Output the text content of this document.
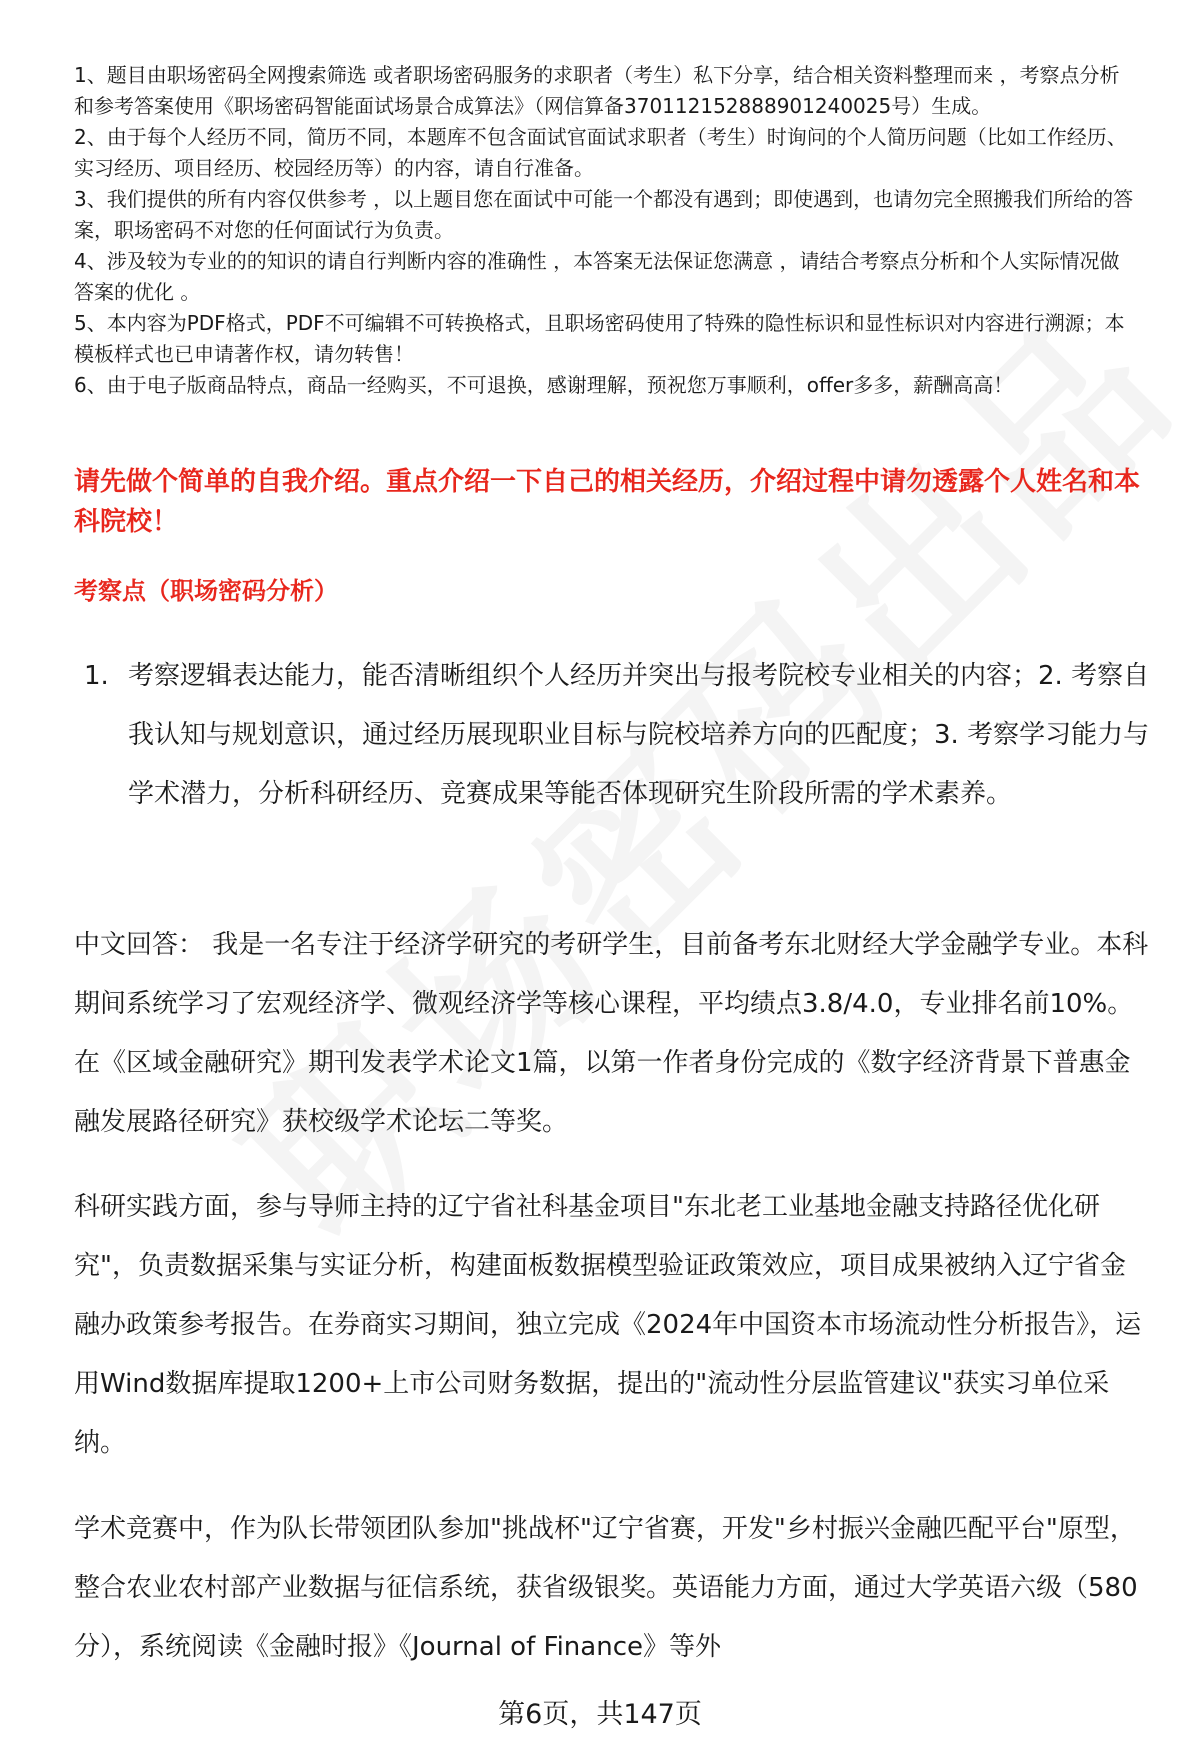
1、题目由职场密码全网搜索筛选 或者职场密码服务的求职者（考生）私下分享，结合相关资料整理而来 ，考察点分析和参考答案使用《职场密码智能面试场景合成算法》（网信算备370112152888901240025号）生成。

2、由于每个人经历不同，简历不同，本题库不包含面试官面试求职者（考生）时询问的个人简历问题（比如工作经历、实习经历、项目经历、校园经历等）的内容，请自行准备。

3、我们提供的所有内容仅供参考 ，以上题目您在面试中可能一个都没有遇到；即使遇到，也请勿完全照搬我们所给的答案，职场密码不对您的任何面试行为负责。

4、涉及较为专业的的知识的请自行判断内容的准确性 ，本答案无法保证您满意 ，请结合考察点分析和个人实际情况做答案的优化 。

5、本内容为PDF格式，PDF不可编辑不可转换格式，且职场密码使用了特殊的隐性标识和显性标识对内容进行溯源；本模板样式也已申请著作权，请勿转售！

6、由于电子版商品特点，商品一经购买，不可退换，感谢理解，预祝您万事顺利，offer多多，薪酬高高！

请先做个简单的自我介绍。重点介绍一下自己的相关经历，介绍过程中请勿透露个人姓名和本科院校！
考察点（职场密码分析）
1. 考察逻辑表达能力，能否清晰组织个人经历并突出与报考院校专业相关的内容；2. 考察自我认知与规划意识，通过经历展现职业目标与院校培养方向的匹配度；3. 考察学习能力与学术潜力，分析科研经历、竞赛成果等能否体现研究生阶段所需的学术素养。

中文回答： 我是一名专注于经济学研究的考研学生，目前备考东北财经大学金融学专业。本科期间系统学习了宏观经济学、微观经济学等核心课程，平均绩点3.8/4.0，专业排名前10%。在《区域金融研究》期刊发表学术论文1篇，以第一作者身份完成的《数字经济背景下普惠金融发展路径研究》获校级学术论坛二等奖。

科研实践方面，参与导师主持的辽宁省社科基金项目"东北老工业基地金融支持路径优化研究"，负责数据采集与实证分析，构建面板数据模型验证政策效应，项目成果被纳入辽宁省金融办政策参考报告。在券商实习期间，独立完成《2024年中国资本市场流动性分析报告》，运用Wind数据库提取1200+上市公司财务数据，提出的"流动性分层监管建议"获实习单位采纳。

学术竞赛中，作为队长带领团队参加"挑战杯"辽宁省赛，开发"乡村振兴金融匹配平台"原型，整合农业农村部产业数据与征信系统，获省级银奖。英语能力方面，通过大学英语六级（580分），系统阅读《金融时报》《Journal of Finance》等外

第6页，共147页
